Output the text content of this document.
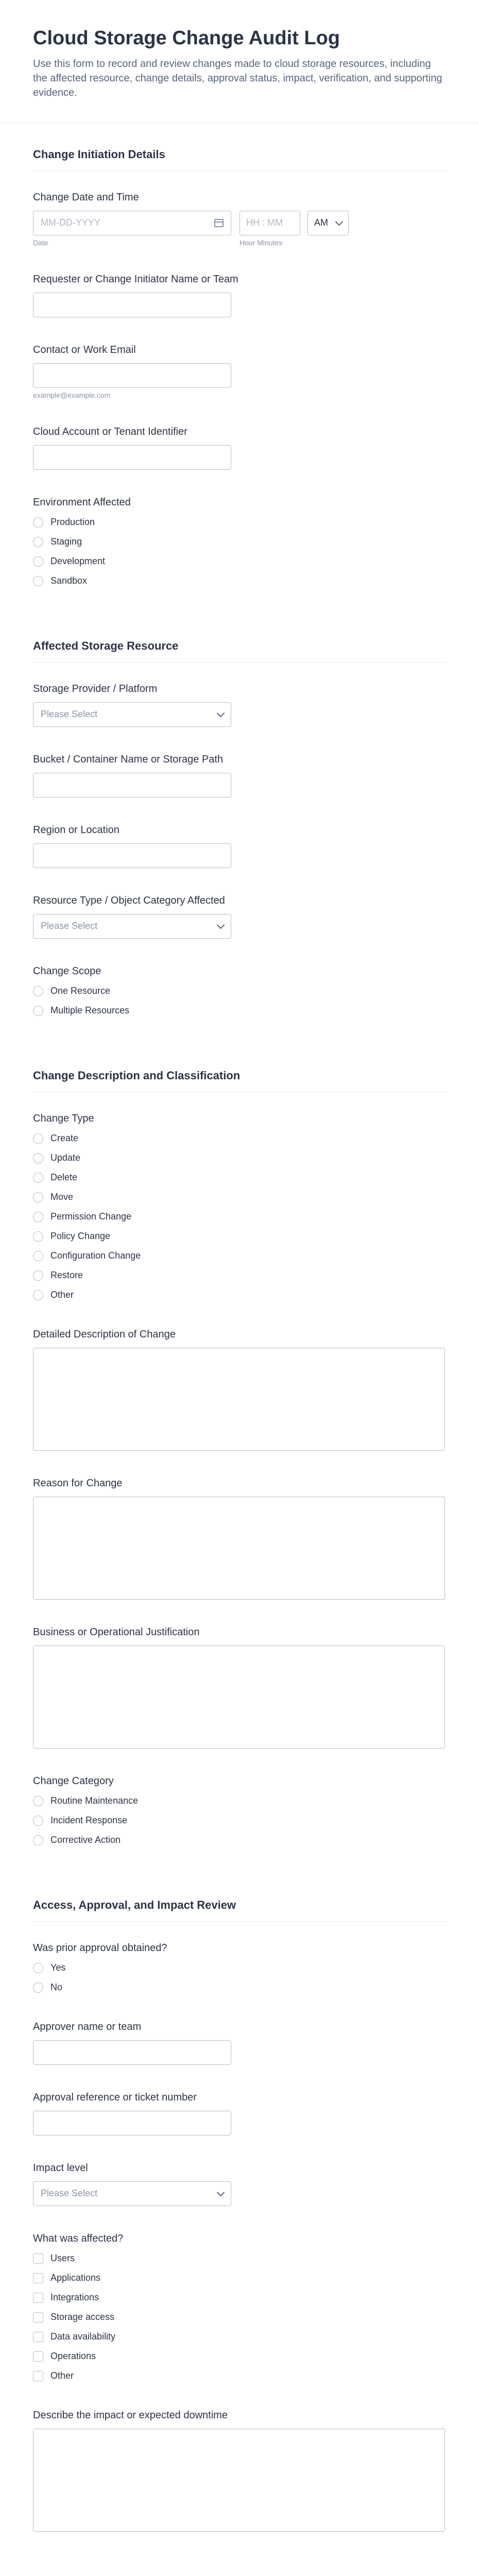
Cloud Storage Change Audit Log

Use this form to record and review changes made to cloud storage resources, including the affected resource, change details, approval status, impact, verification, and supporting evidence.

Change Initiation Details
Change Date and Time
MM-DD-YYYY
Date
HH : MM
Hour Minutes
AM
Requester or Change Initiator Name or Team
Contact or Work Email
example@example.com
Cloud Account or Tenant Identifier
Environment Affected
Production
Staging
Development
Sandbox
Affected Storage Resource
Storage Provider / Platform
Please Select
Bucket / Container Name or Storage Path
Region or Location
Resource Type / Object Category Affected
Please Select
Change Scope
One Resource
Multiple Resources
Change Description and Classification
Change Type
Create
Update
Delete
Move
Permission Change
Policy Change
Configuration Change
Restore
Other
Detailed Description of Change
Reason for Change
Business or Operational Justification
Change Category
Routine Maintenance
Incident Response
Corrective Action
Access, Approval, and Impact Review
Was prior approval obtained?
Yes
No
Approver name or team
Approval reference or ticket number
Impact level
Please Select
What was affected?
Users
Applications
Integrations
Storage access
Data availability
Operations
Other
Describe the impact or expected downtime
